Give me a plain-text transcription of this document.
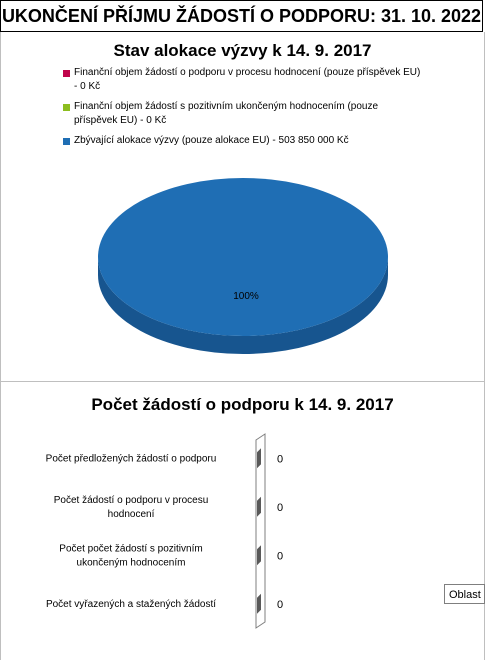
UKONČENÍ PŘÍJMU ŽÁDOSTÍ O PODPORU: 31. 10. 2022
Stav alokace výzvy k 14. 9. 2017
Finanční objem žádostí o podporu v procesu hodnocení (pouze příspěvek EU) - 0 Kč
Finanční objem žádostí s pozitivním ukončeným hodnocením (pouze příspěvek EU) - 0 Kč
Zbývající alokace výzvy (pouze alokace EU) - 503 850 000 Kč
100%
Počet žádostí o podporu k 14. 9. 2017
Počet předložených žádostí o podporu	0
Počet žádostí o podporu v procesu hodnocení
0
Počet počet žádostí s pozitivním ukončeným hodnocením
0
Počet vyřazených a stažených žádostí	0
Oblast
